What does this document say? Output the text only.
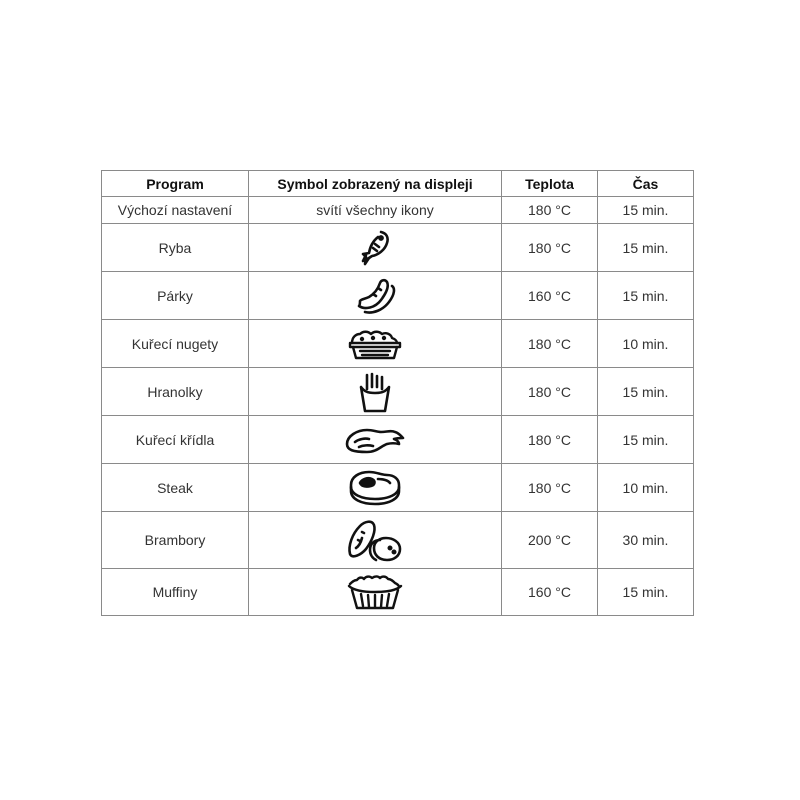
Program	Symbol zobrazený na displeji	Teplota	Čas
Výchozí nastavení	svítí všechny ikony	180 °C	15 min.
Ryba		180 °C	15 min.
Párky		160 °C	15 min.
Kuřecí nugety		180 °C	10 min.
Hranolky		180 °C	15 min.
Kuřecí křídla		180 °C	15 min.
Steak		180 °C	10 min.
Brambory		200 °C	30 min.
Muffiny		160 °C	15 min.
